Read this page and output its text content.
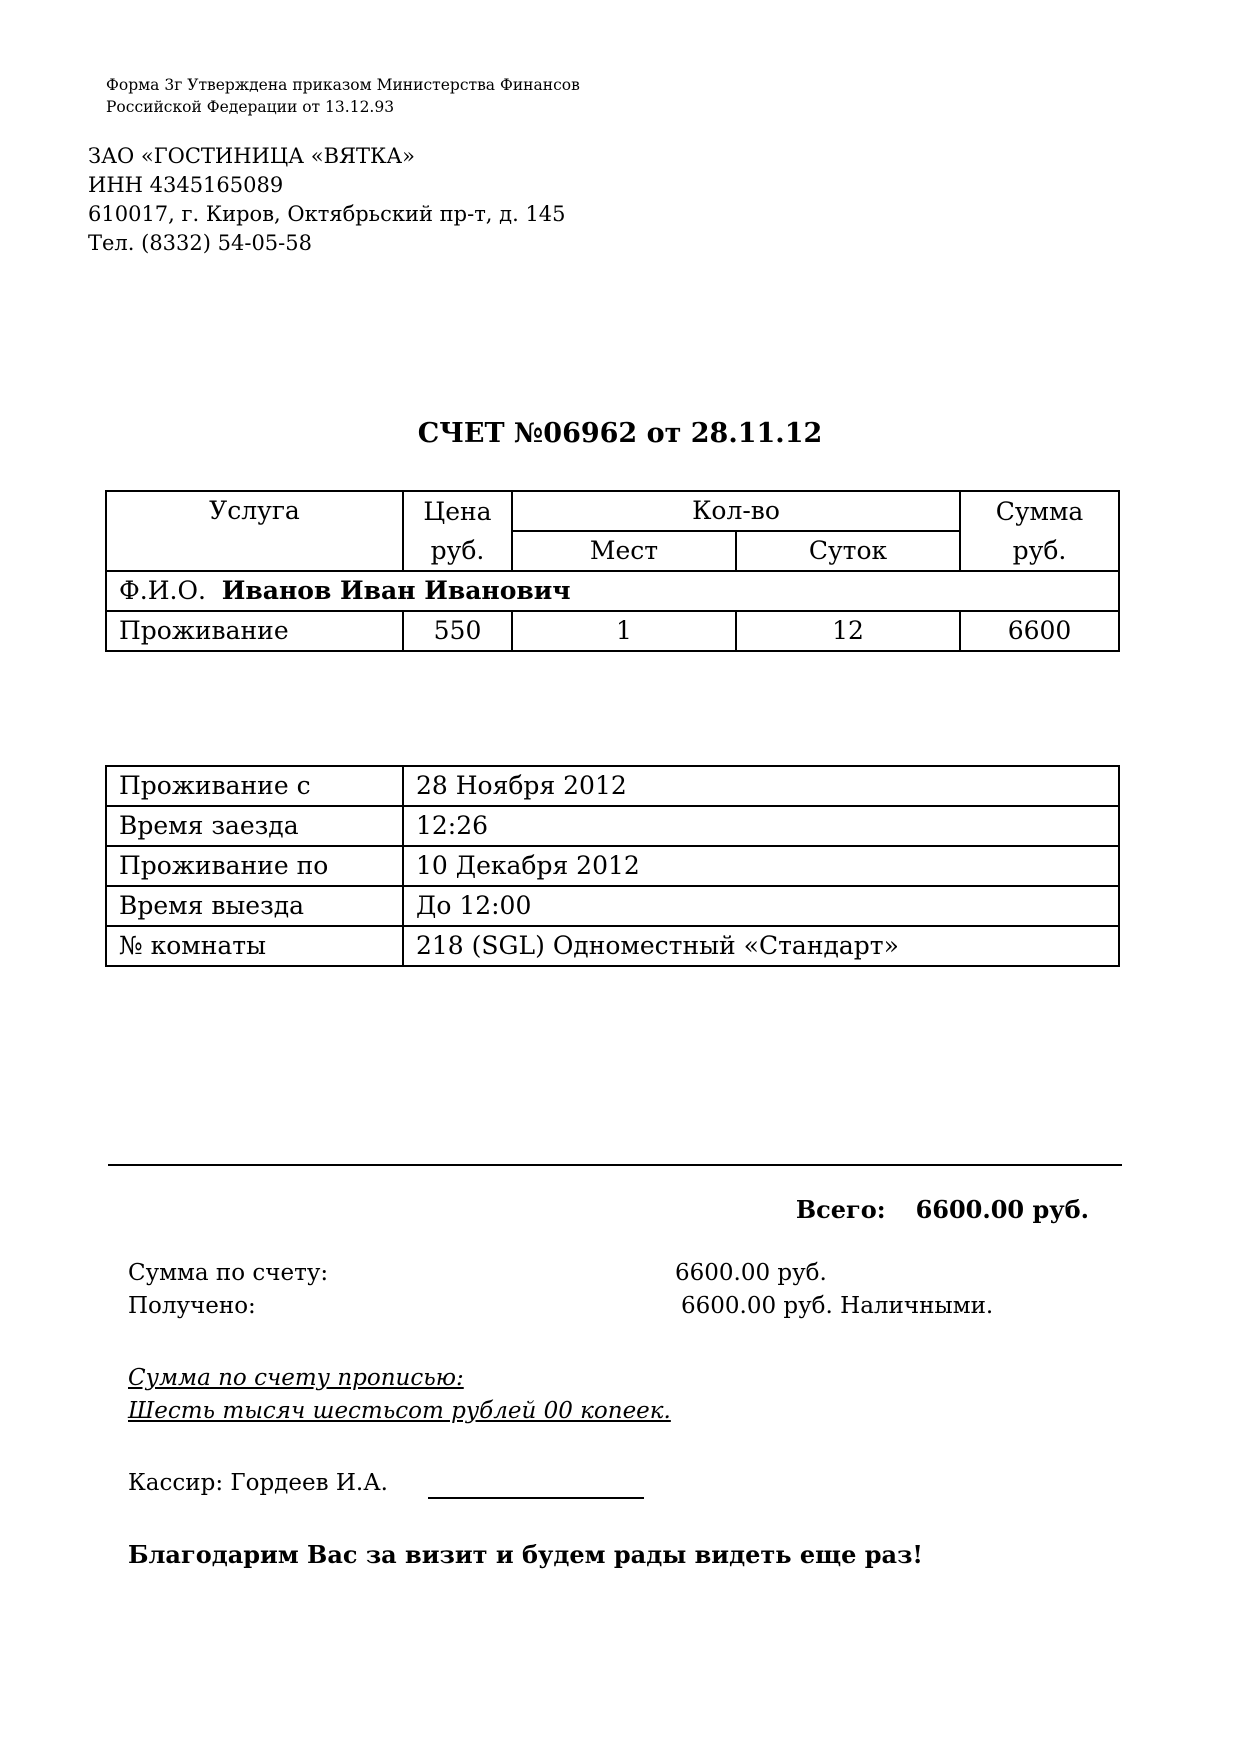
Форма 3г Утверждена приказом Министерства Финансов
Российской Федерации от 13.12.93
ЗАО «ГОСТИНИЦА «ВЯТКА»
ИНН 4345165089
610017, г. Киров, Октябрьский пр-т, д. 145
Тел. (8332) 54-05-58
СЧЕТ №06962 от 28.11.12
Услуга	Цена	Кол-во		Сумма
	руб.	Мест	Суток	руб.
Ф.И.О. Иванов Иван Иванович				
Проживание	550	1	12	6600
Проживание с	28 Ноября 2012
Время заезда	12:26
Проживание по	10 Декабря 2012
Время выезда	До 12:00
№ комнаты	218 (SGL) Одноместный «Стандарт»
Всего: 6600.00 руб.
Сумма по счету:	6600.00 руб.
Получено:	6600.00 руб. Наличными.
Сумма по счету прописью:
Шесть тысяч шестьсот рублей 00 копеек.
Кассир: Гордеев И.А.
Благодарим Вас за визит и будем рады видеть еще раз!
